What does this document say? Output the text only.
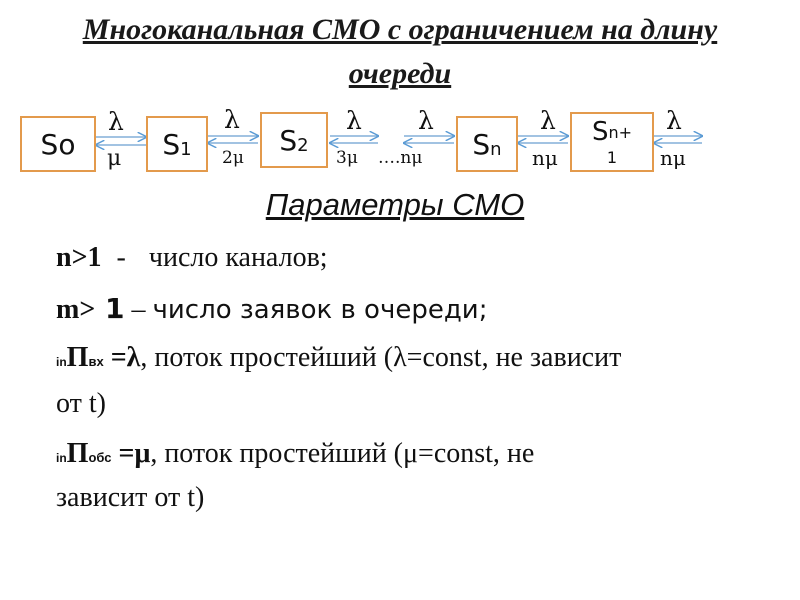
Многоканальная СМО с ограничением на длину
очереди
So	S 1	S 2	S n
Sn+
1
λ
μ
λ
2μ
λ
3μ
λ
….nμ
λ
nμ
λ
nμ
Параметры СМО
n>1 - число каналов;
m> 1 – число заявок в очереди;
inПвх =λ, поток простейший (λ=const, не зависит
от t)
inПобс =μ, поток простейший (μ=const, не
зависит от t)
